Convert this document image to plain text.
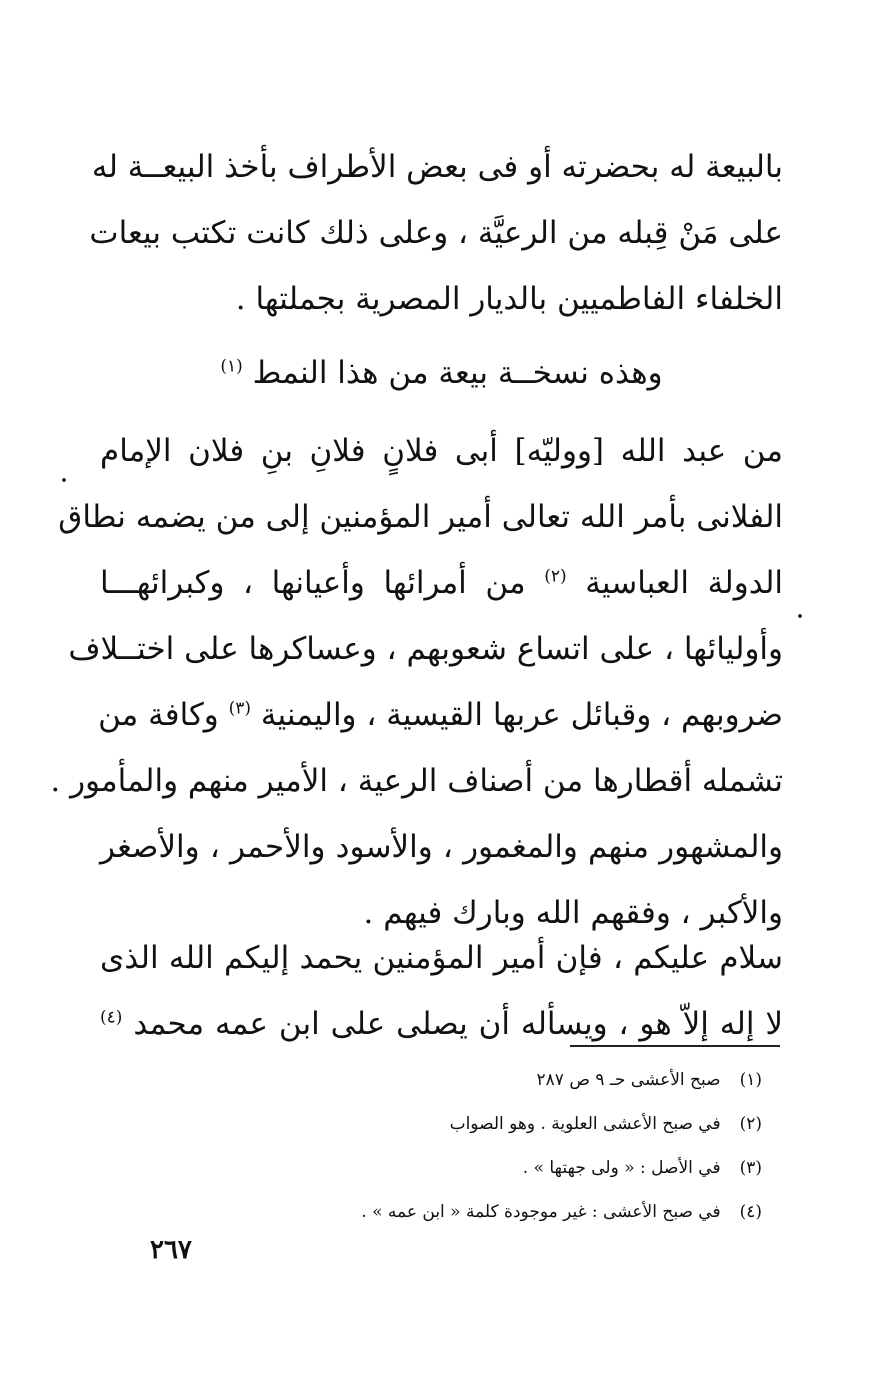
بالبيعة له بحضرته أو فى بعض الأطراف بأخذ البيعــة له
على مَنْ قِبله من الرعيَّة ، وعلى ذلك كانت تكتب بيعات
الخلفاء الفاطميين بالديار المصرية بجملتها .
وهذه نسخــة بيعة من هذا النمط $^{(١)}$
من عبد الله [ووليّه] أبى فلانٍ فلانِ بنِ فلان الإمام
الفلانى بأمر الله تعالى أمير المؤمنين إلى من يضمه نطاق
الدولة العباسية $^{(٢)}$ من أمرائها وأعيانها ، وكبرائهـــا
وأوليائها ، على اتساع شعوبهم ، وعساكرها على اختــلاف
ضروبهم ، وقبائل عربها القيسية ، واليمنية $^{(٣)}$ وكافة من
تشمله أقطارها من أصناف الرعية ، الأمير منهم والمأمور .
والمشهور منهم والمغمور ، والأسود والأحمر ، والأصغر
والأكبر ، وفقهم الله وبارك فيهم .
سلام عليكم ، فإن أمير المؤمنين يحمد إليكم الله الذى
لا إله إلاّ هو ، ويسأله أن يصلى على ابن عمه محمد $^{(٤)}$
(١) صبح الأعشى حـ ٩ ص ٢٨٧
(٢) في صبح الأعشى العلوية . وهو الصواب
(٣) في الأصل : « ولى جهتها » .
(٤) في صبح الأعشى : غير موجودة كلمة « ابن عمه » .
٢٦٧
